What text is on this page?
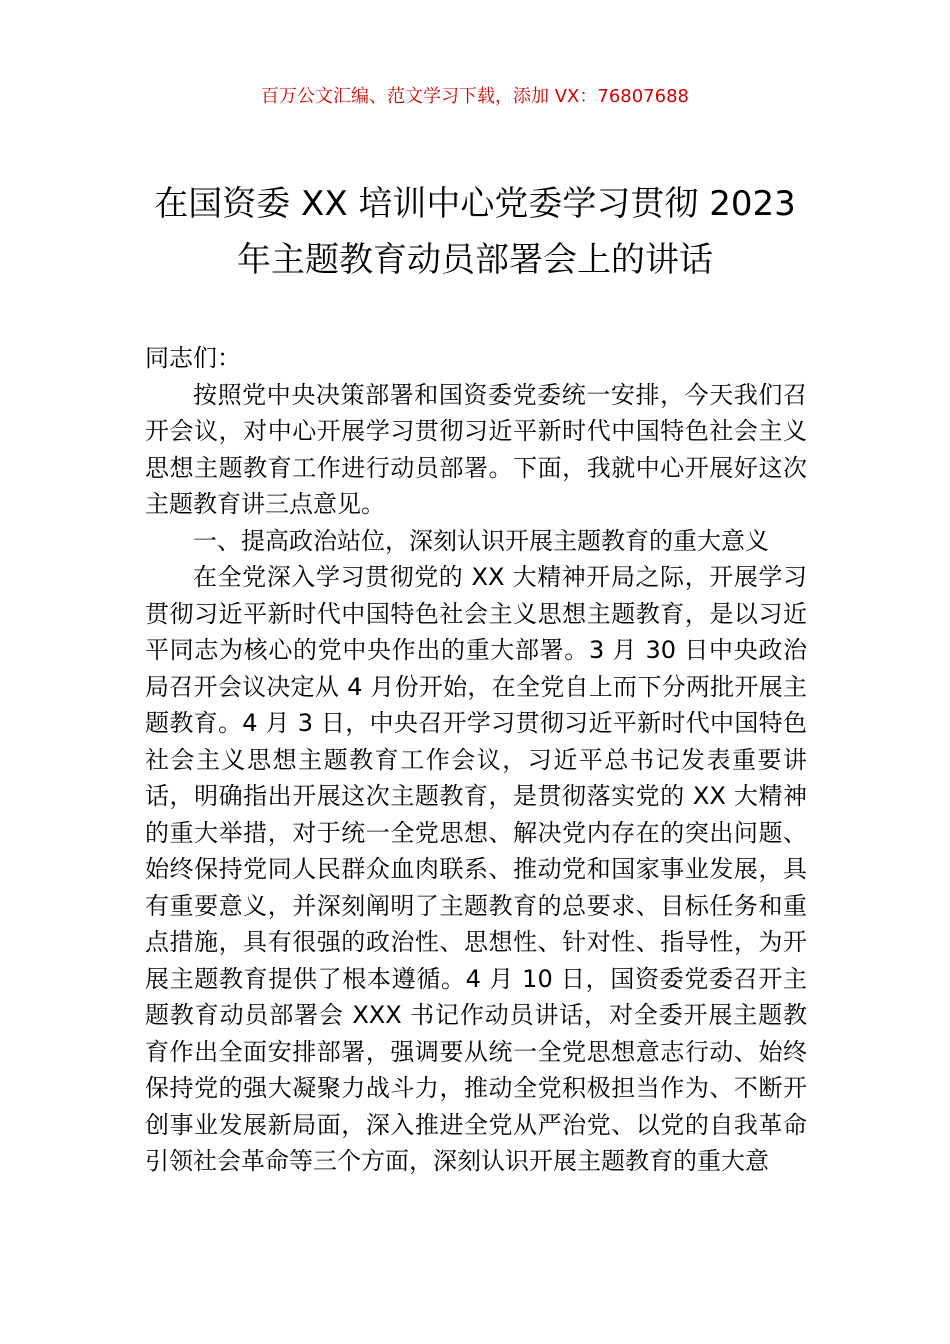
百万公文汇编、范文学习下载，添加 VX：76807688
在国资委 XX 培训中心党委学习贯彻 2023
年主题教育动员部署会上的讲话

同志们：

按照党中央决策部署和国资委党委统一安排，今天我们召开会议，对中心开展学习贯彻习近平新时代中国特色社会主义思想主题教育工作进行动员部署。下面，我就中心开展好这次主题教育讲三点意见。

一、提高政治站位，深刻认识开展主题教育的重大意义

在全党深入学习贯彻党的 XX 大精神开局之际，开展学习贯彻习近平新时代中国特色社会主义思想主题教育，是以习近平同志为核心的党中央作出的重大部署。3 月 30 日中央政治局召开会议决定从 4 月份开始，在全党自上而下分两批开展主题教育。4 月 3 日，中央召开学习贯彻习近平新时代中国特色社会主义思想主题教育工作会议，习近平总书记发表重要讲话，明确指出开展这次主题教育，是贯彻落实党的 XX 大精神的重大举措，对于统一全党思想、解决党内存在的突出问题、始终保持党同人民群众血肉联系、推动党和国家事业发展，具有重要意义，并深刻阐明了主题教育的总要求、目标任务和重点措施，具有很强的政治性、思想性、针对性、指导性，为开展主题教育提供了根本遵循。4 月 10 日，国资委党委召开主题教育动员部署会 XXX 书记作动员讲话，对全委开展主题教育作出全面安排部署，强调要从统一全党思想意志行动、始终保持党的强大凝聚力战斗力，推动全党积极担当作为、不断开创事业发展新局面，深入推进全党从严治党、以党的自我革命引领社会革命等三个方面，深刻认识开展主题教育的重大意
